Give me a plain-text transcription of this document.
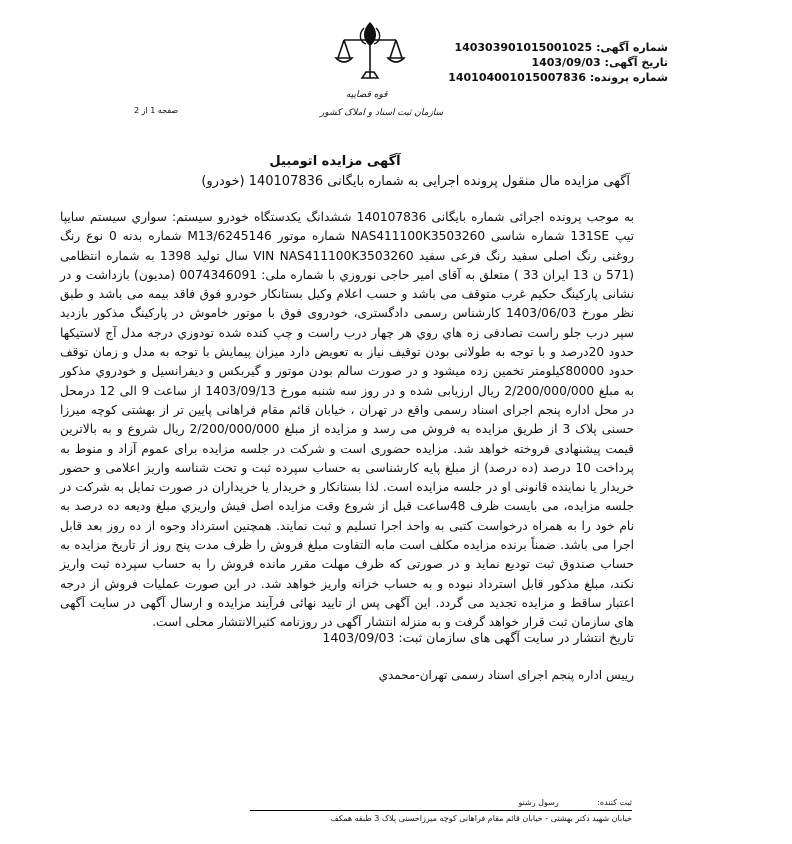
شماره آگهی: 140303901015001025
تاریخ آگهی: 1403/09/03
شماره پرونده: 140104001015007836
قوه قضاییه
سازمان ثبت اسناد و املاک کشور
صفحه 1 از 2
آگهی مزایده اتومبیل
آگهی مزایده مال منقول پرونده اجرایی به شماره بایگانی 140107836 (خودرو)
به موجب پرونده اجرائی شماره بایگانی 140107836 ششدانگ یکدستگاه خودرو سیستم: سواري سیستم سايپا تیپ 131SE شماره شاسی NAS411100K3503260 شماره موتور M13/6245146 شماره بدنه 0 نوع رنگ روغنی رنگ اصلی سفید رنگ فرعی سفید VIN NAS411100K3503260 سال تولید 1398 به شماره انتظامی (571 ن 13 ایران 33 ) متعلق به آقای امیر حاجی نوروزي با شماره ملی: 0074346091 (مدیون) بازداشت و در نشانی پارکینگ حکیم غرب متوقف می باشد و حسب اعلام وکیل بستانکار خودرو فوق فاقد بیمه می باشد و طبق نظر مورخ 1403/06/03 کارشناس رسمی دادگستری، خودروی فوق با موتور خاموش در پارکینگ مذکور بازدید سپر درب جلو راست تصادفی زه هاي روي هر چهار درب راست و چپ کنده شده تودوزي درجه مدل آج لاستیکها حدود 20درصد و با توجه به طولانی بودن توقیف نیاز به تعویض دارد میزان پیمایش با توجه به مدل و زمان توقف حدود 80000کیلومتر تخمین زده میشود و در صورت سالم بودن موتور و گیربکس و دیفرانسیل و خودروي مذکور به مبلغ 2/200/000/000 ریال ارزیابی شده و در روز سه شنبه مورخ 1403/09/13 از ساعت 9 الی 12 درمحل در محل اداره پنجم اجرای اسناد رسمی واقع در تهران ، خیابان قائم مقام فراهانی پایین تر از بهشتی کوچه میرزا حسنی پلاک 3 از طریق مزایده به فروش می رسد و مزایده از مبلغ 2/200/000/000 ریال شروع و به بالاترین قیمت پیشنهادی فروخته خواهد شد. مزایده حضوری است و شرکت در جلسه مزایده برای عموم آزاد و منوط به پرداخت 10 درصد (ده درصد) از مبلغ پایه کارشناسی به حساب سپرده ثبت و تحت شناسه واریز اعلامی و حضور خریدار یا نماینده قانونی او در جلسه مزایده است. لذا بستانکار و خریدار یا خریداران در صورت تمایل به شرکت در جلسه مزایده، می بایست ظرف 48ساعت قبل از شروع وقت مزایده اصل فیش واریزي مبلغ ودیعه ده درصد به نام خود را به همراه درخواست کتبی به واحد اجرا تسلیم و ثبت نمایند. همچنین استرداد وجوه از ده روز بعد قابل اجرا می باشد. ضمناً برنده مزایده مکلف است مابه التفاوت مبلغ فروش را ظرف مدت پنج روز از تاریخ مزایده به حساب صندوق ثبت تودیع نماید و در صورتی که ظرف مهلت مقرر مانده فروش را به حساب سپرده ثبت واریز نکند، مبلغ مذکور قابل استرداد نبوده و به حساب خزانه واریز خواهد شد. در این صورت عملیات فروش از درجه اعتبار ساقط و مزایده تجدید می گردد. این آگهی پس از تایید نهائی فرآیند مزایده و ارسال آگهی در سایت آگهی های سازمان ثبت قرار خواهد گرفت و به منزله انتشار آگهی در روزنامه کثیرالانتشار محلی است.
تاریخ انتشار در سایت آگهی های سازمان ثبت: 1403/09/03
رییس اداره پنجم اجرای اسناد رسمی تهران-محمدي
ثبت کننده: رسول رشنو
خیابان شهید دکتر بهشتی - خیابان قائم مقام فراهانی کوچه میرزاحسنی پلاک 3 طبقه همکف
